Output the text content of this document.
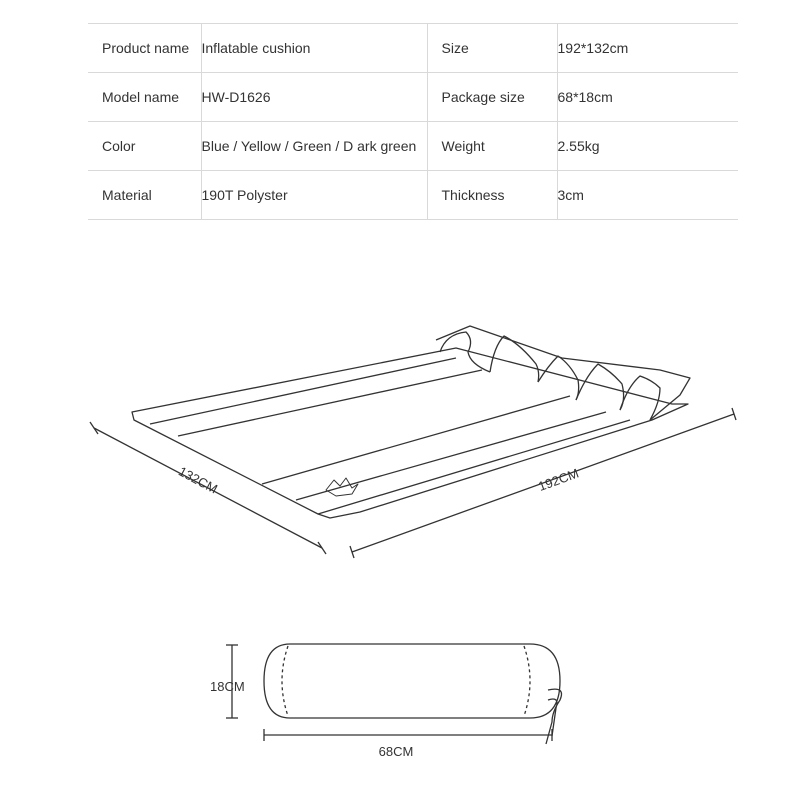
Product name	Inflatable cushion	Size	192*132cm
Model name	HW-D1626	Package size	68*18cm
Color	Blue / Yellow / Green / D ark green	Weight	2.55kg
Material	190T Polyster	Thickness	3cm
132CM	192CM
18CM
68CM
